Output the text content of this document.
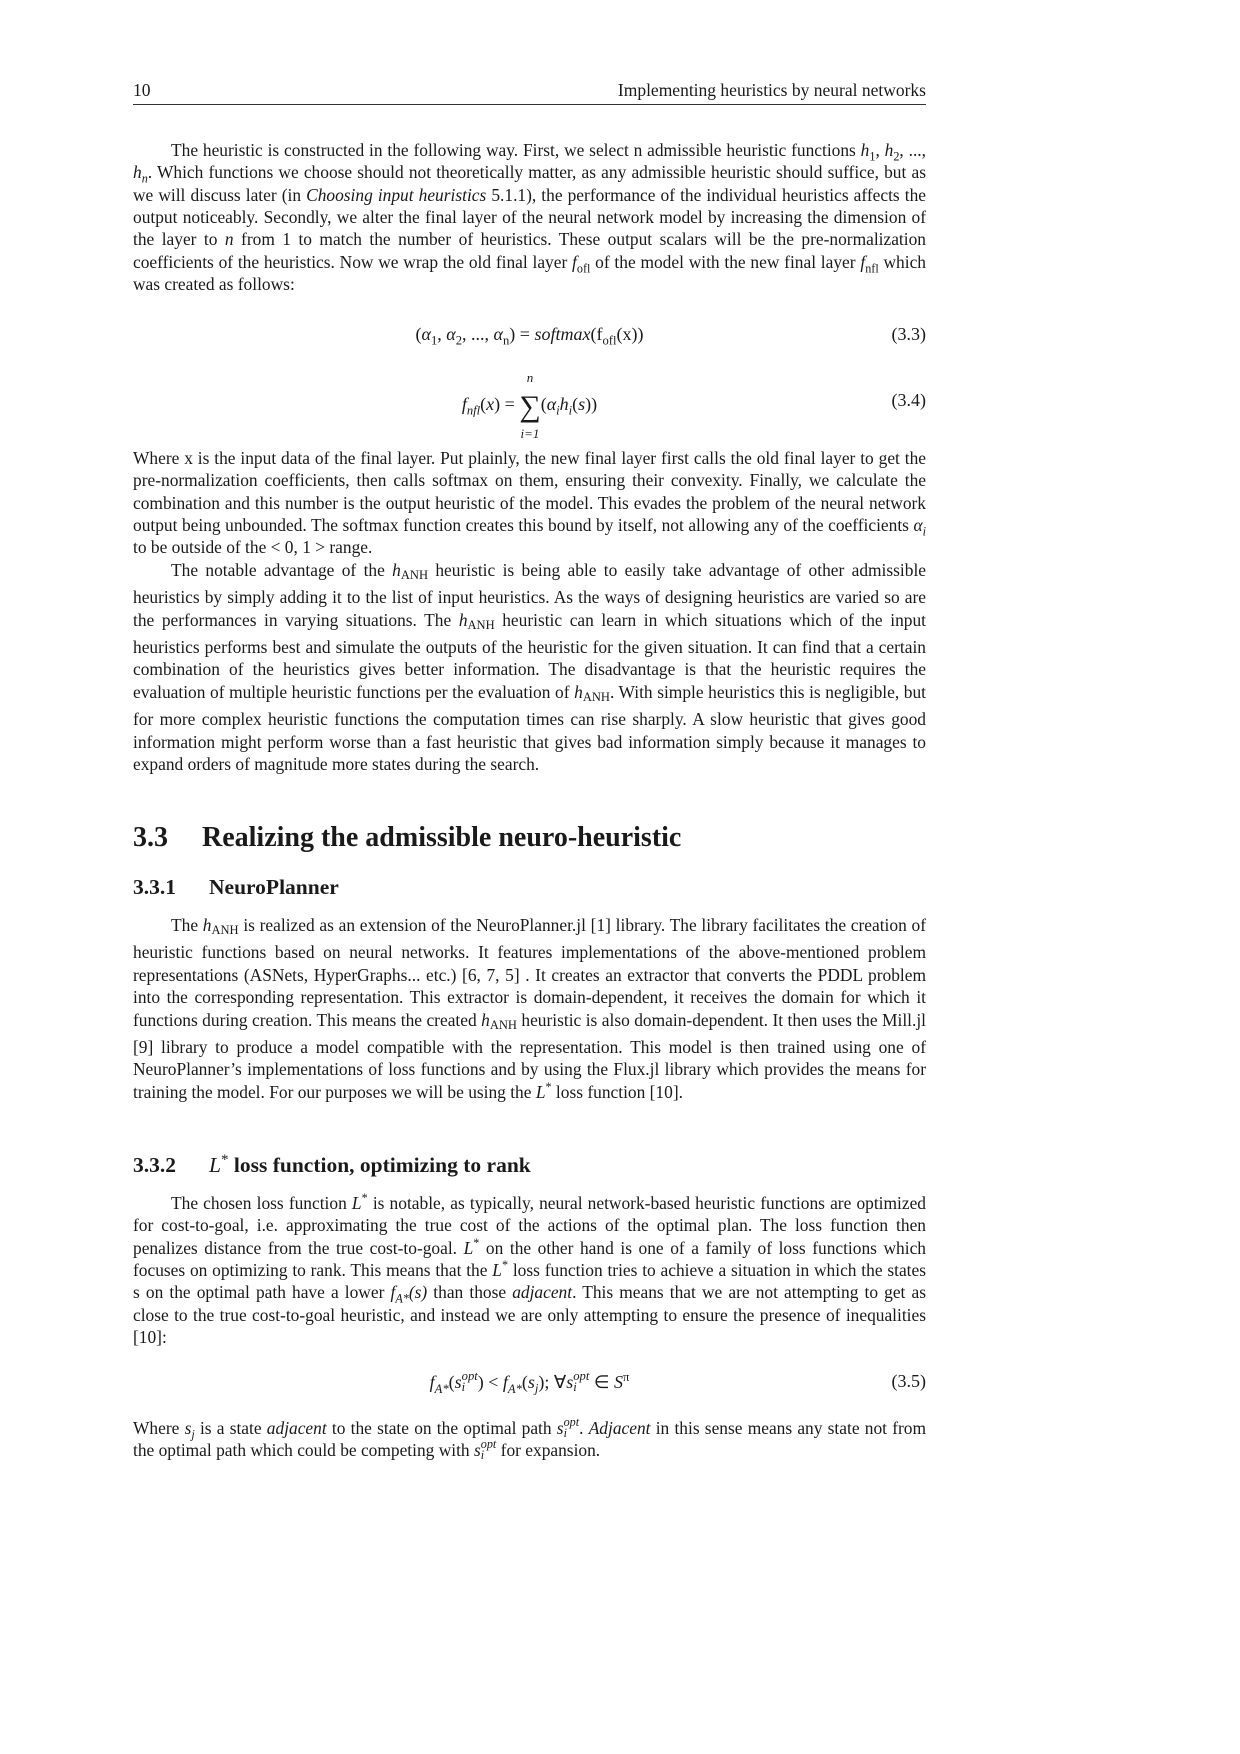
10	Implementing heuristics by neural networks

The heuristic is constructed in the following way. First, we select n admissible heuristic functions $h_1$, $h_2$, ..., $h_n$. Which functions we choose should not theoretically matter, as any admissible heuristic should suffice, but as we will discuss later (in Choosing input heuristics 5.1.1), the performance of the individual heuristics affects the output noticeably. Secondly, we alter the final layer of the neural network model by increasing the dimension of the layer to n from 1 to match the number of heuristics. These output scalars will be the pre-normalization coefficients of the heuristics. Now we wrap the old final layer $f_{ofl}$ of the model with the new final layer $f_{nfl}$ which was created as follows:

($\alpha_1$, $\alpha_2$, ..., $\alpha_n$) = $softmax(f_{ofl}(x))$	(3.3)
$f_{nfl}(x)$ = ∑
n
i=1
$(\alpha_ih_i(s))$	(3.4)

Where x is the input data of the final layer. Put plainly, the new final layer first calls the old final layer to get the pre-normalization coefficients, then calls softmax on them, ensuring their convexity. Finally, we calculate the combination and this number is the output heuristic of the model. This evades the problem of the neural network output being unbounded. The softmax function creates this bound by itself, not allowing any of the coefficients $\alpha_i$ to be outside of the < 0, 1 > range.

The notable advantage of the hANH heuristic is being able to easily take advantage of other admissible heuristics by simply adding it to the list of input heuristics. As the ways of designing heuristics are varied so are the performances in varying situations. The hANH heuristic can learn in which situations which of the input heuristics performs best and simulate the outputs of the heuristic for the given situation. It can find that a certain combination of the heuristics gives better information. The disadvantage is that the heuristic requires the evaluation of multiple heuristic functions per the evaluation of hANH. With simple heuristics this is negligible, but for more complex heuristic functions the computation times can rise sharply. A slow heuristic that gives good information might perform worse than a fast heuristic that gives bad information simply because it manages to expand orders of magnitude more states during the search.

3.3 Realizing the admissible neuro-heuristic
3.3.1 NeuroPlanner

The hANH is realized as an extension of the NeuroPlanner.jl [1] library. The library facilitates the creation of heuristic functions based on neural networks. It features implementations of the above-mentioned problem representations (ASNets, HyperGraphs... etc.) [6, 7, 5] . It creates an extractor that converts the PDDL problem into the corresponding representation. This extractor is domain-dependent, it receives the domain for which it functions during creation. This means the created hANH heuristic is also domain-dependent. It then uses the Mill.jl [9] library to produce a model compatible with the representation. This model is then trained using one of NeuroPlanner’s implementations of loss functions and by using the Flux.jl library which provides the means for training the model. For our purposes we will be using the L* loss function [10].

3.3.2 L* loss function, optimizing to rank

The chosen loss function L* is notable, as typically, neural network-based heuristic functions are optimized for cost-to-goal, i.e. approximating the true cost of the actions of the optimal plan. The loss function then penalizes distance from the true cost-to-goal. L* on the other hand is one of a family of loss functions which focuses on optimizing to rank. This means that the L* loss function tries to achieve a situation in which the states s on the optimal path have a lower $f_{A*}(s)$ than those adjacent. This means that we are not attempting to get as close to the true cost-to-goal heuristic, and instead we are only attempting to ensure the presence of inequalities [10]:

$f_{A*}(s$ opt
i ) < $f_{A*}(s_j)$; ∀s opt
i ∈ $S^\pi$	(3.5)

Where $s_j$ is a state adjacent to the state on the optimal path s opt
i . Adjacent in this sense means any state not from the optimal path which could be competing with s opt
i for expansion.
